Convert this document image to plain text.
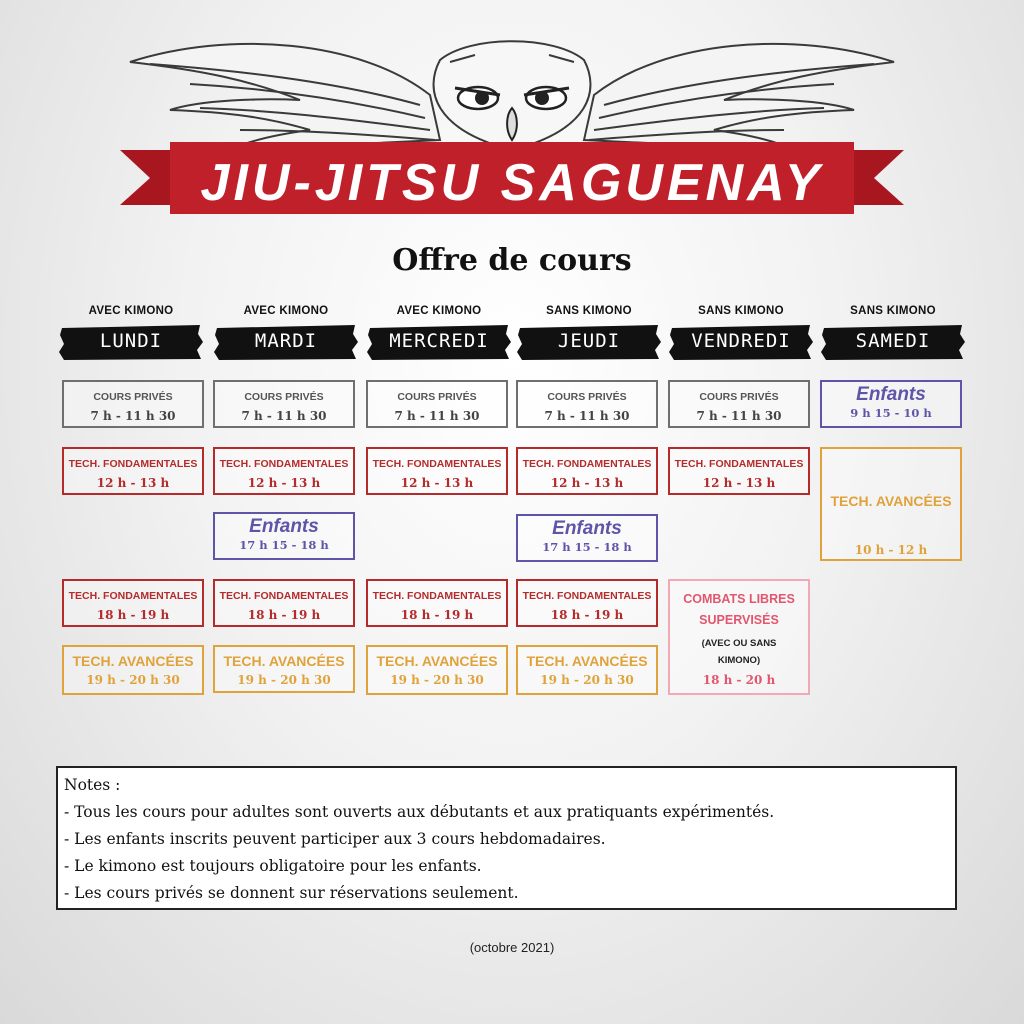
JIU-JITSU SAGUENAY
Offre de cours
AVEC KIMONO
LUNDI
AVEC KIMONO
MARDI
AVEC KIMONO
MERCREDI
SANS KIMONO
JEUDI
SANS KIMONO
VENDREDI
SANS KIMONO
SAMEDI
COURS PRIVÉS
7 h - 11 h 30
TECH. FONDAMENTALES
12 h - 13 h
TECH. FONDAMENTALES
18 h - 19 h
TECH. AVANCÉES
19 h - 20 h 30
COURS PRIVÉS
7 h - 11 h 30
TECH. FONDAMENTALES
12 h - 13 h
Enfants
17 h 15 - 18 h
TECH. FONDAMENTALES
18 h - 19 h
TECH. AVANCÉES
19 h - 20 h 30
COURS PRIVÉS
7 h - 11 h 30
TECH. FONDAMENTALES
12 h - 13 h
TECH. FONDAMENTALES
18 h - 19 h
TECH. AVANCÉES
19 h - 20 h 30
COURS PRIVÉS
7 h - 11 h 30
TECH. FONDAMENTALES
12 h - 13 h
Enfants
17 h 15 - 18 h
TECH. FONDAMENTALES
18 h - 19 h
TECH. AVANCÉES
19 h - 20 h 30
COURS PRIVÉS
7 h - 11 h 30
TECH. FONDAMENTALES
12 h - 13 h
COMBATS LIBRES
SUPERVISÉS
(AVEC OU SANS
KIMONO)
18 h - 20 h
Enfants
9 h 15 - 10 h
TECH. AVANCÉES
10 h - 12 h
Notes :
- Tous les cours pour adultes sont ouverts aux débutants et aux pratiquants expérimentés.
- Les enfants inscrits peuvent participer aux 3 cours hebdomadaires.
- Le kimono est toujours obligatoire pour les enfants.
- Les cours privés se donnent sur réservations seulement.
(octobre 2021)
